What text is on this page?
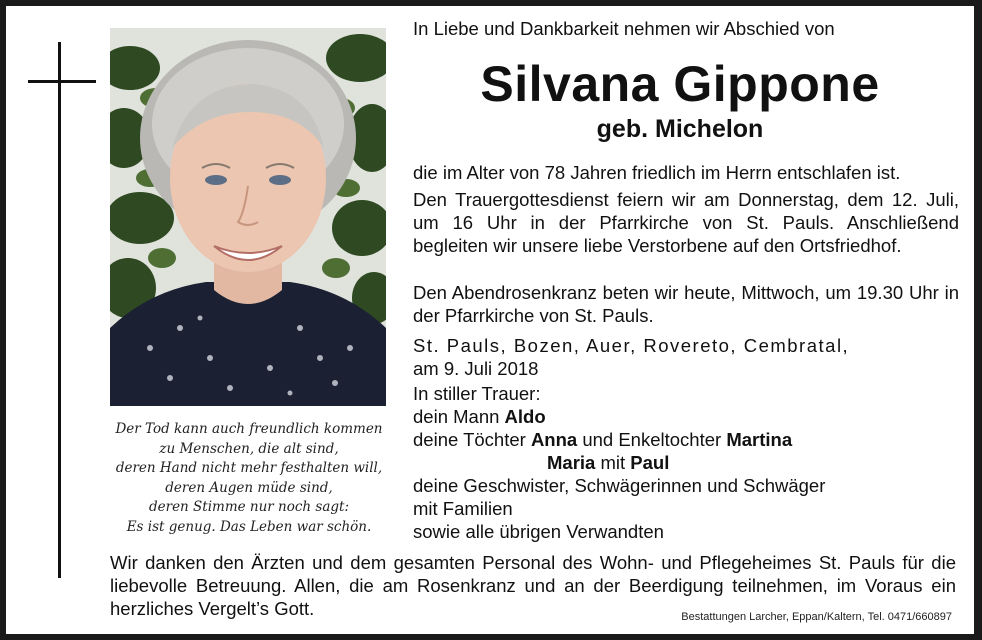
Der Tod kann auch freundlich kommen
zu Menschen, die alt sind,
deren Hand nicht mehr festhalten will,
deren Augen müde sind,
deren Stimme nur noch sagt:
Es ist genug. Das Leben war schön.
In Liebe und Dankbarkeit nehmen wir Abschied von
Silvana Gippone
geb. Michelon
die im Alter von 78 Jahren friedlich im Herrn entschlafen ist.
Den Trauergottesdienst feiern wir am Donnerstag, dem 12. Juli, um 16 Uhr in der Pfarrkirche von St. Pauls. Anschließend begleiten wir unsere liebe Verstorbene auf den Ortsfriedhof.
Den Abendrosenkranz beten wir heute, Mittwoch, um 19.30 Uhr in der Pfarrkirche von St. Pauls.
St. Pauls, Bozen, Auer, Rovereto, Cembratal,
am 9. Juli 2018
In stiller Trauer:
dein Mann Aldo
deine Töchter Anna und Enkeltochter Martina
Maria mit Paul
deine Geschwister, Schwägerinnen und Schwäger
mit Familien
sowie alle übrigen Verwandten
Wir danken den Ärzten und dem gesamten Personal des Wohn- und Pflegeheimes St. Pauls für die liebevolle Betreuung. Allen, die am Rosenkranz und an der Beerdigung teilnehmen, im Voraus ein herzliches Vergelt’s Gott.	Bestattungen Larcher, Eppan/Kaltern, Tel. 0471/660897
